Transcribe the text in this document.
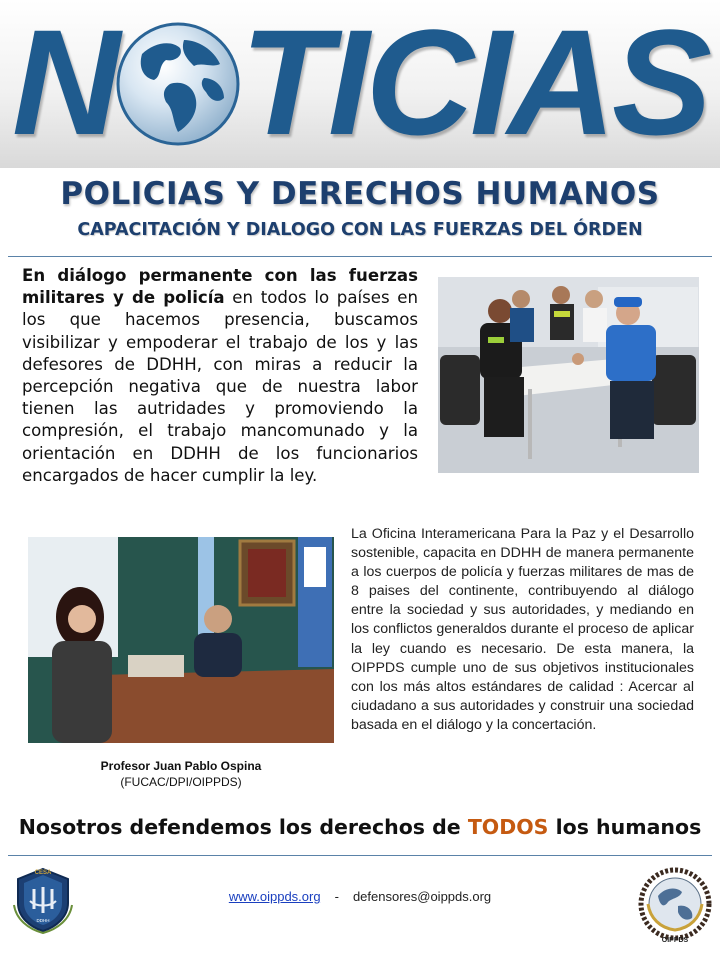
N TICIAS
POLICIAS Y DERECHOS HUMANOS
CAPACITACIÓN Y DIALOGO CON LAS FUERZAS DEL ÓRDEN
En diálogo permanente con las fuerzas militares y de policía en todos lo países en los que hacemos presencia, buscamos visibilizar y empoderar el trabajo de los y las defesores de DDHH, con miras a reducir la percepción negativa que de nuestra labor tienen las autridades y promoviendo la compresión, el trabajo mancomunado y la orientación en DDHH de los funcionarios encargados de hacer cumplir la ley.
Profesor Juan Pablo Ospina
(FUCAC/DPI/OIPPDS)
La Oficina Interamericana Para la Paz y el Desarrollo sostenible, capacita en DDHH de manera permanente a los cuerpos de policía y fuerzas militares de mas de 8 paises del continente, contribuyendo al diálogo entre la sociedad y sus autoridades, y mediando en los conflictos generaldos durante el proceso de aplicar la ley cuando es necesario. De esta manera, la OIPPDS cumple uno de sus objetivos institucionales con los más altos estándares de calidad : Acercar al ciudadano a sus autoridades y construir una sociedad basada en el diálogo y la concertación.
Nosotros defendemos los derechos de TODOS los humanos
CESA
DDHH
www.oippds.org - defensores@oippds.org
OIPPDS
